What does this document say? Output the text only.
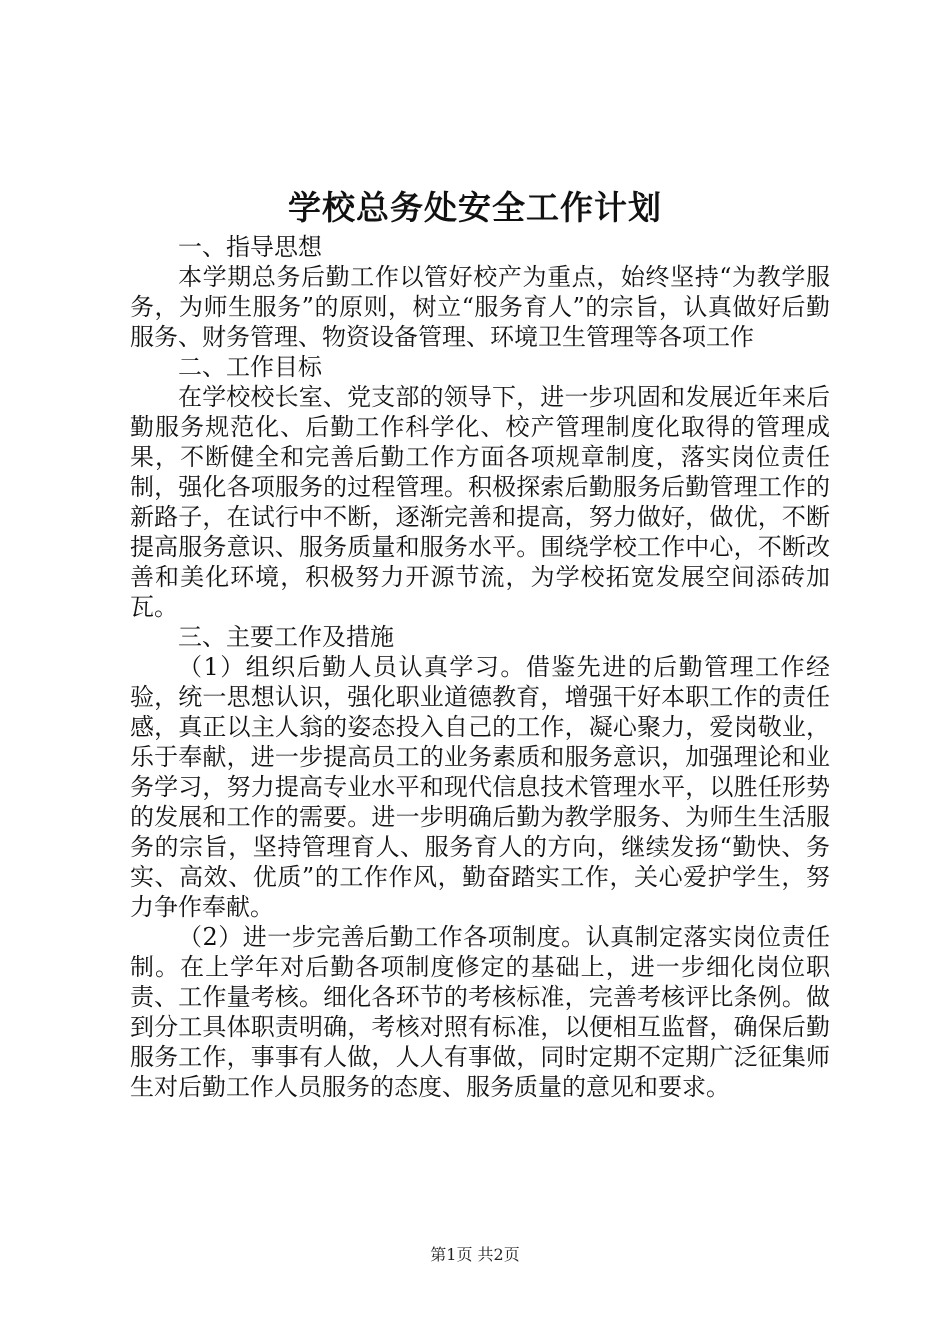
学校总务处安全工作计划

一、指导思想

本学期总务后勤工作以管好校产为重点，始终坚持“为教学服务，为师生服务”的原则，树立“服务育人”的宗旨，认真做好后勤服务、财务管理、物资设备管理、环境卫生管理等各项工作

二、工作目标

在学校校长室、党支部的领导下，进一步巩固和发展近年来后勤服务规范化、后勤工作科学化、校产管理制度化取得的管理成果，不断健全和完善后勤工作方面各项规章制度，落实岗位责任制，强化各项服务的过程管理。积极探索后勤服务后勤管理工作的新路子，在试行中不断，逐渐完善和提高，努力做好，做优，不断提高服务意识、服务质量和服务水平。围绕学校工作中心，不断改善和美化环境，积极努力开源节流，为学校拓宽发展空间添砖加瓦。

三、主要工作及措施

（1）组织后勤人员认真学习。借鉴先进的后勤管理工作经验，统一思想认识，强化职业道德教育，增强干好本职工作的责任感，真正以主人翁的姿态投入自己的工作，凝心聚力，爱岗敬业，乐于奉献，进一步提高员工的业务素质和服务意识，加强理论和业务学习，努力提高专业水平和现代信息技术管理水平，以胜任形势的发展和工作的需要。进一步明确后勤为教学服务、为师生生活服务的宗旨，坚持管理育人、服务育人的方向，继续发扬“勤快、务实、高效、优质”的工作作风，勤奋踏实工作，关心爱护学生，努力争作奉献。

（2）进一步完善后勤工作各项制度。认真制定落实岗位责任制。在上学年对后勤各项制度修定的基础上，进一步细化岗位职责、工作量考核。细化各环节的考核标准，完善考核评比条例。做到分工具体职责明确，考核对照有标准，以便相互监督，确保后勤服务工作，事事有人做，人人有事做，同时定期不定期广泛征集师生对后勤工作人员服务的态度、服务质量的意见和要求。

第1页 共2页
